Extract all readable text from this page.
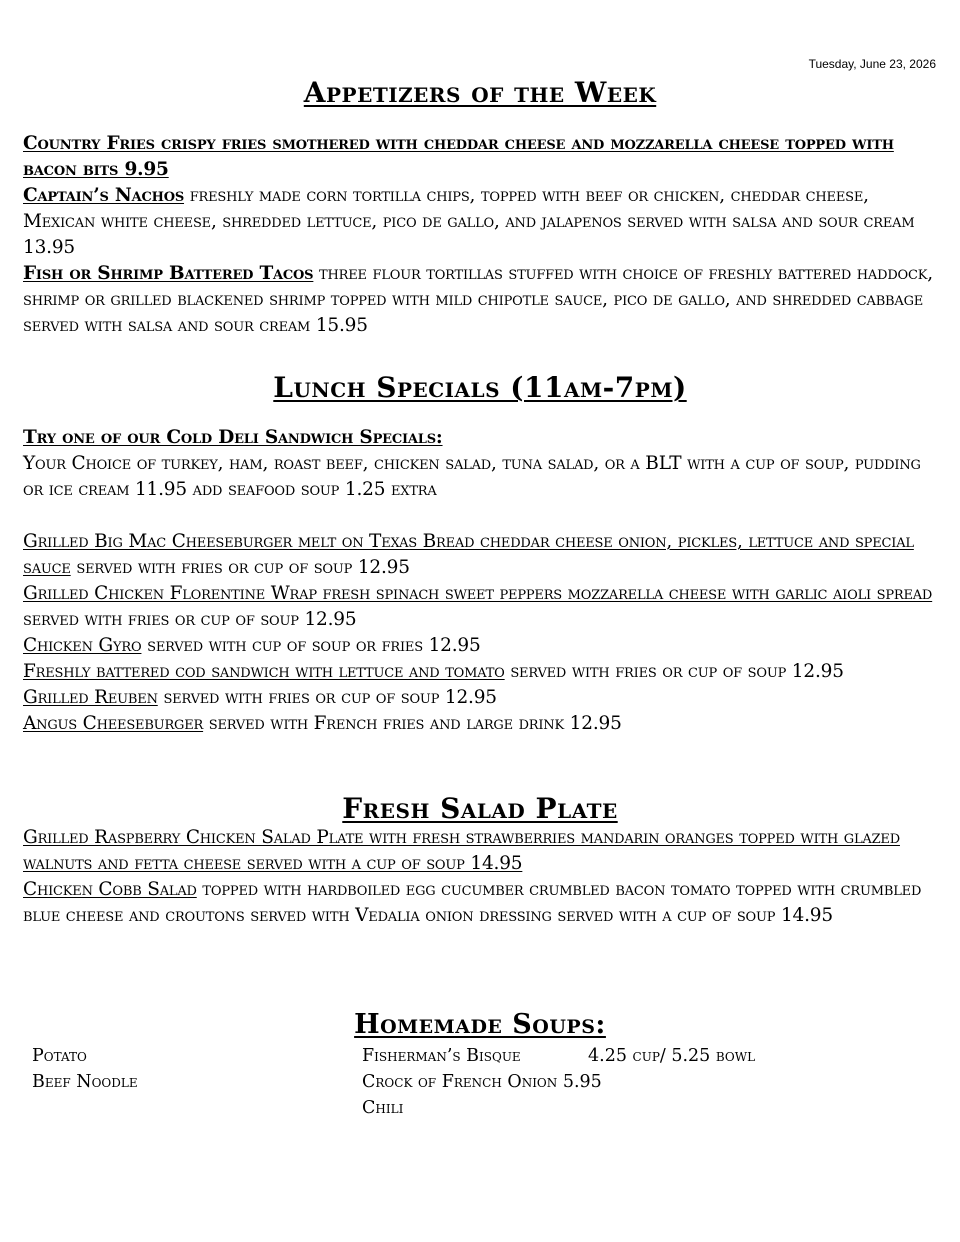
Tuesday, June 23, 2026
Appetizers of the Week

Country Fries crispy fries smothered with cheddar cheese and mozzarella cheese topped with bacon bits 9.95

Captain’s Nachos freshly made corn tortilla chips, topped with beef or chicken, cheddar cheese, Mexican white cheese, shredded lettuce, pico de gallo, and jalapenos served with salsa and sour cream 13.95

Fish or Shrimp Battered Tacos three flour tortillas stuffed with choice of freshly battered haddock, shrimp or grilled blackened shrimp topped with mild chipotle sauce, pico de gallo, and shredded cabbage served with salsa and sour cream 15.95

Lunch Specials (11am-7pm)

Try one of our Cold Deli Sandwich Specials:

Your Choice of turkey, ham, roast beef, chicken salad, tuna salad, or a BLT with a cup of soup, pudding or ice cream 11.95 add seafood soup 1.25 extra

Grilled Big Mac Cheeseburger melt on Texas Bread cheddar cheese onion, pickles, lettuce and special sauce served with fries or cup of soup 12.95

Grilled Chicken Florentine Wrap fresh spinach sweet peppers mozzarella cheese with garlic aioli spread served with fries or cup of soup 12.95

Chicken Gyro served with cup of soup or fries 12.95

Freshly battered cod sandwich with lettuce and tomato served with fries or cup of soup 12.95

Grilled Reuben served with fries or cup of soup 12.95

Angus Cheeseburger served with French fries and large drink 12.95

Fresh Salad Plate

Grilled Raspberry Chicken Salad Plate with fresh strawberries mandarin oranges topped with glazed walnuts and fetta cheese served with a cup of soup 14.95

Chicken Cobb Salad topped with hardboiled egg cucumber crumbled bacon tomato topped with crumbled blue cheese and croutons served with Vedalia onion dressing served with a cup of soup 14.95

Homemade Soups:
Potato
Beef Noodle
Fisherman’s Bisque
Crock of French Onion 5.95
Chili
4.25 cup/ 5.25 bowl
